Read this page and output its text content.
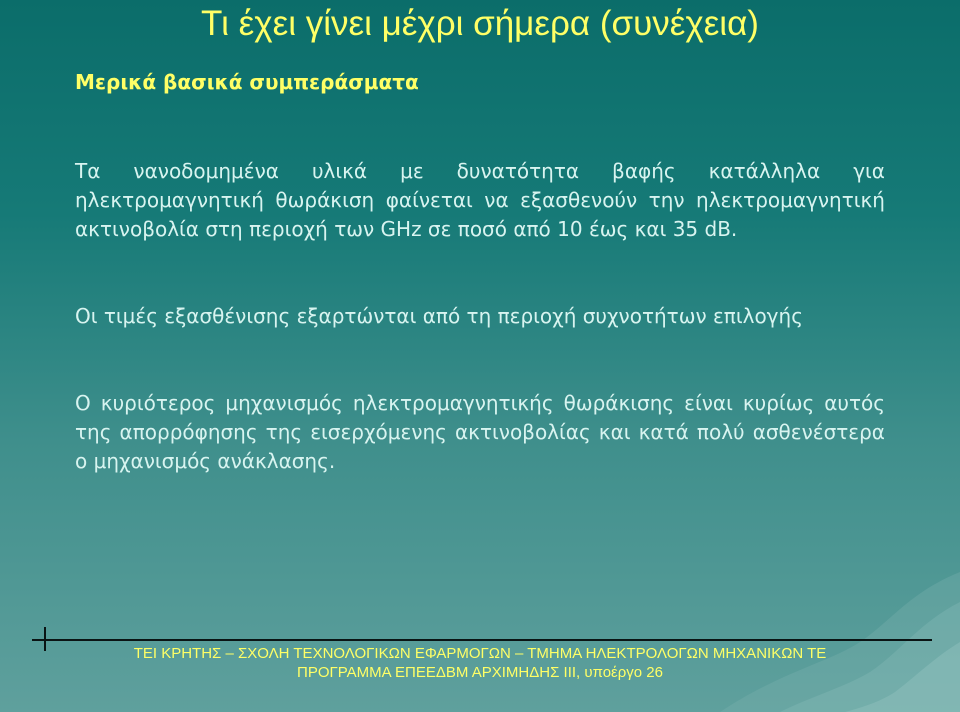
Τι έχει γίνει μέχρι σήμερα (συνέχεια)
Μερικά βασικά συμπεράσματα

Τα νανοδομημένα υλικά με δυνατότητα βαφής κατάλληλα για ηλεκτρομαγνητική θωράκιση φαίνεται να εξασθενούν την ηλεκτρομαγνητική ακτινοβολία στη περιοχή των GHz σε ποσό από 10 έως και 35 dB.

Οι τιμές εξασθένισης εξαρτώνται από τη περιοχή συχνοτήτων επιλογής

Ο κυριότερος μηχανισμός ηλεκτρομαγνητικής θωράκισης είναι κυρίως αυτός της απορρόφησης της εισερχόμενης ακτινοβολίας και κατά πολύ ασθενέστερα ο μηχανισμός ανάκλασης.

ΤΕΙ ΚΡΗΤΗΣ – ΣΧΟΛΗ ΤΕΧΝΟΛΟΓΙΚΩΝ ΕΦΑΡΜΟΓΩΝ – ΤΜΗΜΑ ΗΛΕΚΤΡΟΛΟΓΩΝ ΜΗΧΑΝΙΚΩΝ ΤΕ

ΠΡΟΓΡΑΜΜΑ ΕΠΕΕΔΒΜ ΑΡΧΙΜΗΔΗΣ ΙΙΙ, υποέργο 26
